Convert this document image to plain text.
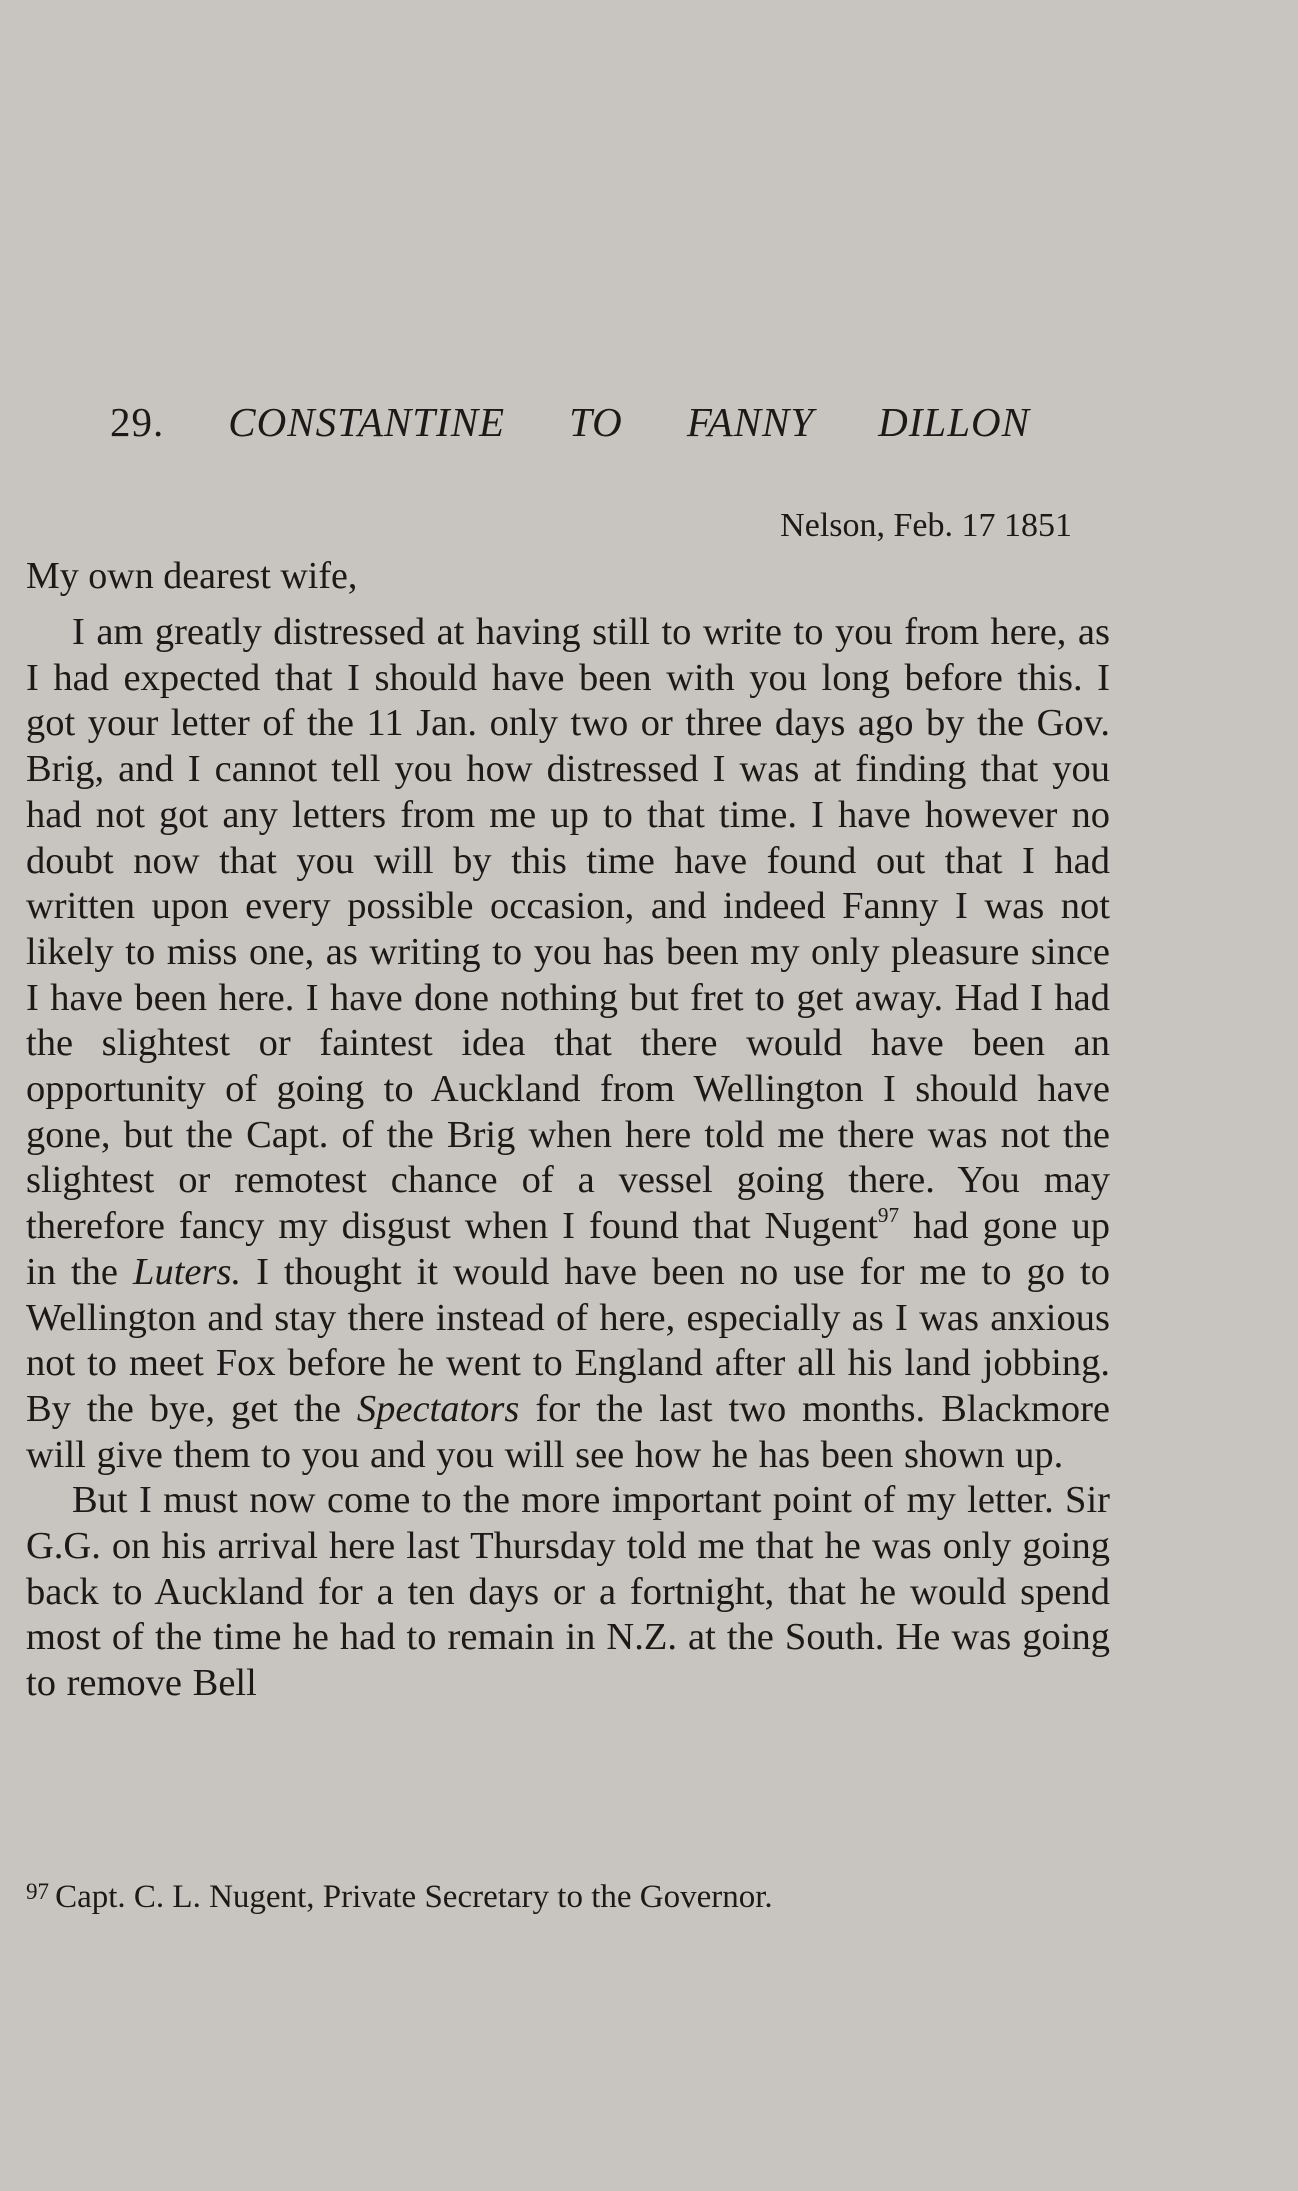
29. CONSTANTINE TO FANNY DILLON
Nelson, Feb. 17 1851
My own dearest wife,

I am greatly distressed at having still to write to you from here, as I had expected that I should have been with you long before this. I got your letter of the 11 Jan. only two or three days ago by the Gov. Brig, and I cannot tell you how distressed I was at finding that you had not got any letters from me up to that time. I have however no doubt now that you will by this time have found out that I had written upon every possible occasion, and indeed Fanny I was not likely to miss one, as writing to you has been my only pleasure since I have been here. I have done nothing but fret to get away. Had I had the slightest or faintest idea that there would have been an opportunity of going to Auckland from Wellington I should have gone, but the Capt. of the Brig when here told me there was not the slightest or remotest chance of a vessel going there. You may therefore fancy my disgust when I found that Nugent$^{97}$ had gone up in the Luters. I thought it would have been no use for me to go to Wellington and stay there instead of here, especially as I was anxious not to meet Fox before he went to England after all his land jobbing. By the bye, get the Spectators for the last two months. Blackmore will give them to you and you will see how he has been shown up.

But I must now come to the more important point of my letter. Sir G.G. on his arrival here last Thursday told me that he was only going back to Auckland for a ten days or a fortnight, that he would spend most of the time he had to remain in N.Z. at the South. He was going to remove Bell

$^{97}$ Capt. C. L. Nugent, Private Secretary to the Governor.
